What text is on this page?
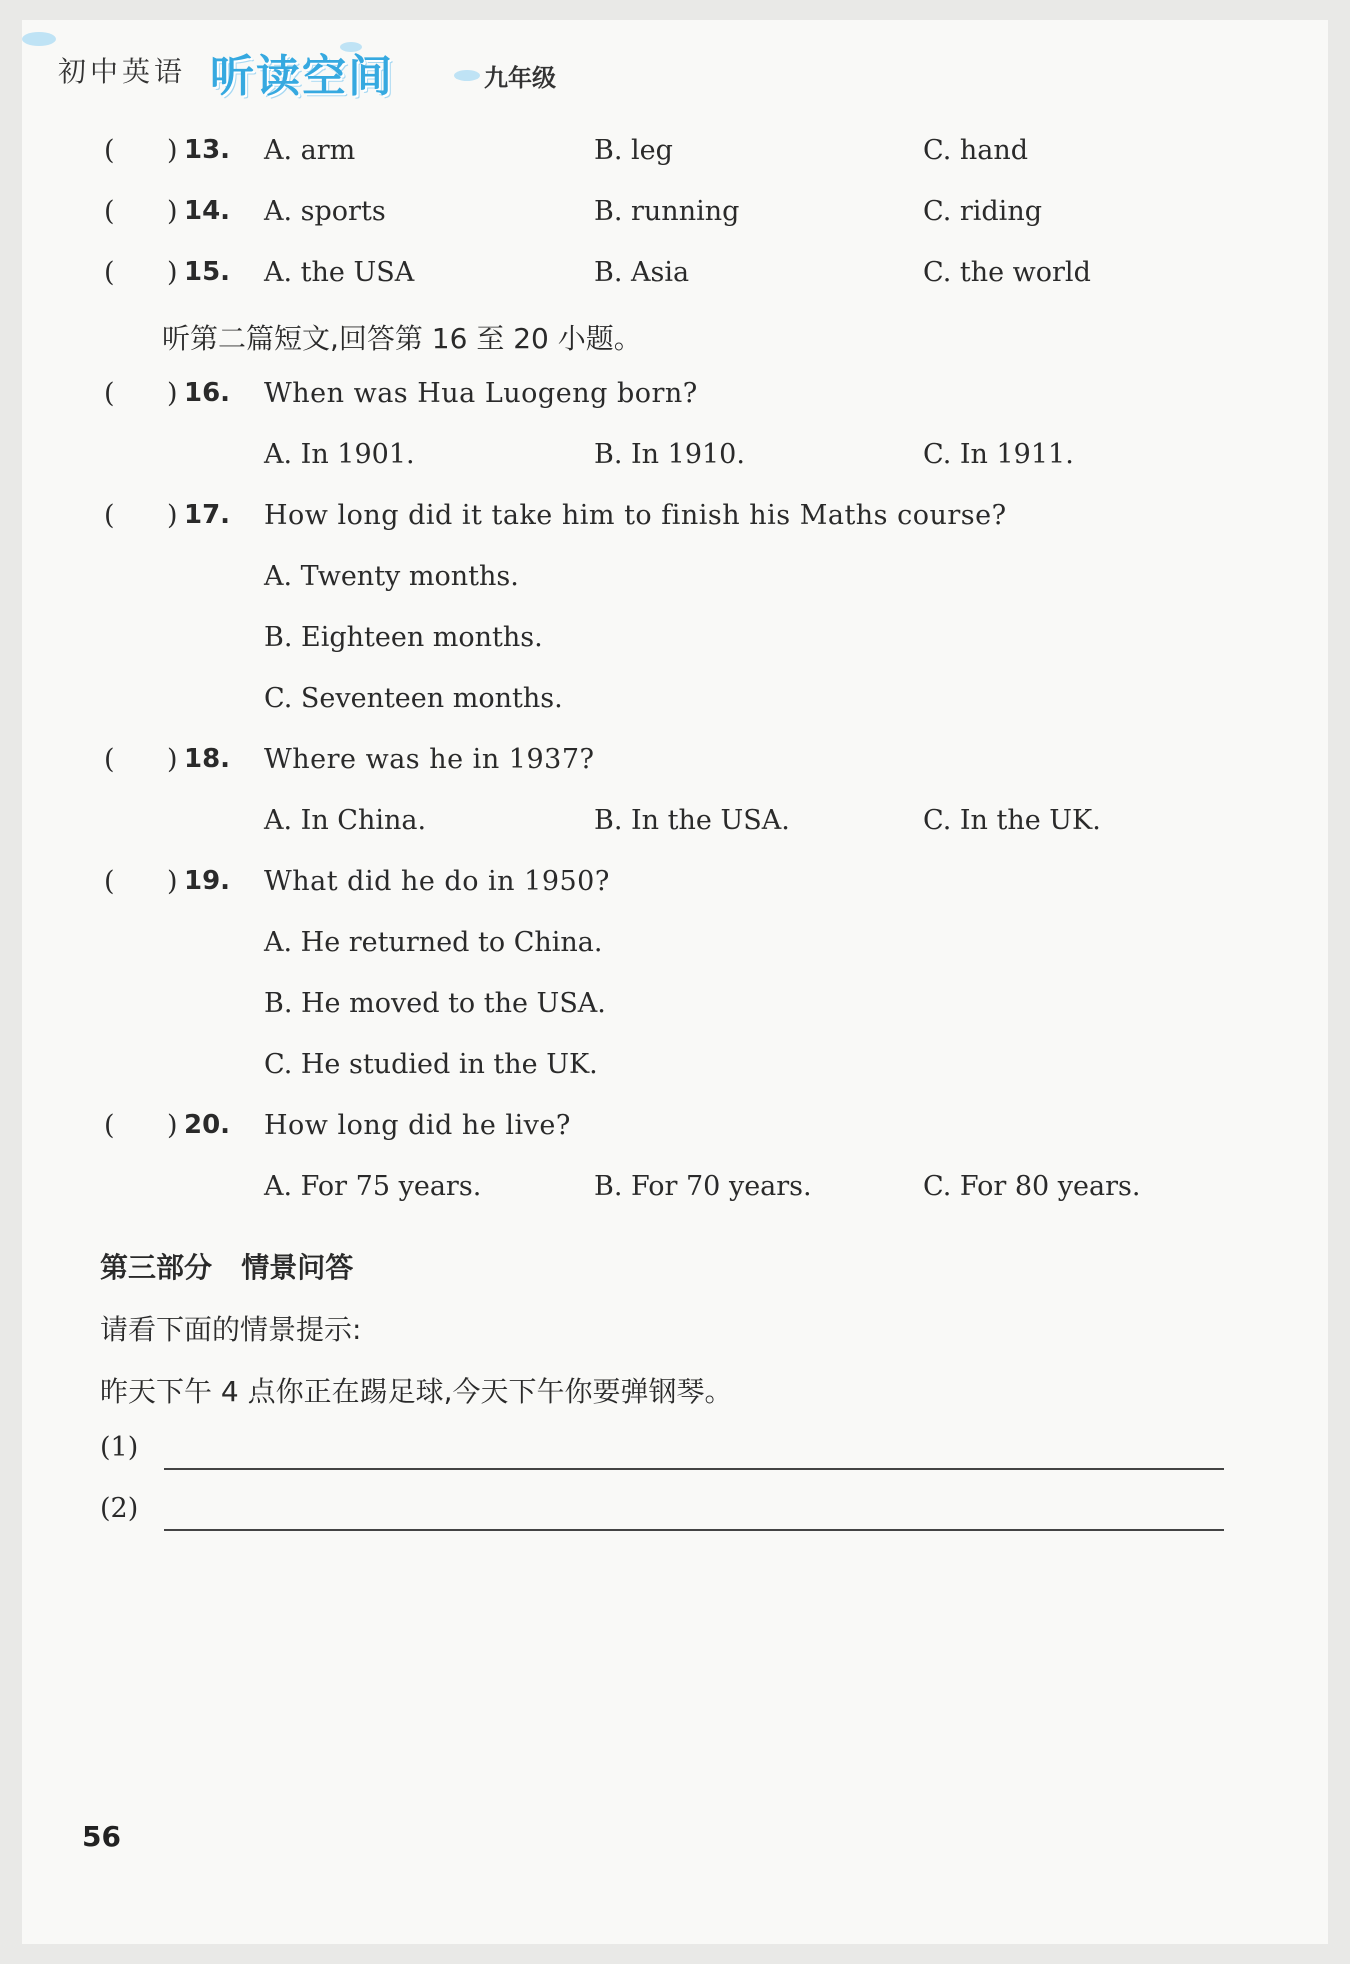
初中英语 听读空间	九年级
( ) 13. A. arm	B. leg	C. hand
( ) 14. A. sports	B. running	C. riding
( ) 15. A. the USA	B. Asia	C. the world
听第二篇短文,回答第 16 至 20 小题。
( ) 16. When was Hua Luogeng born?
A. In 1901.	B. In 1910.	C. In 1911.
( ) 17. How long did it take him to finish his Maths course?
A. Twenty months.
B. Eighteen months.
C. Seventeen months.
( ) 18. Where was he in 1937?
A. In China.	B. In the USA.	C. In the UK.
( ) 19. What did he do in 1950?
A. He returned to China.
B. He moved to the USA.
C. He studied in the UK.
( ) 20. How long did he live?
A. For 75 years.	B. For 70 years.	C. For 80 years.
第三部分   情景问答
请看下面的情景提示:
昨天下午 4 点你正在踢足球,今天下午你要弹钢琴。
(1)
(2)
56
